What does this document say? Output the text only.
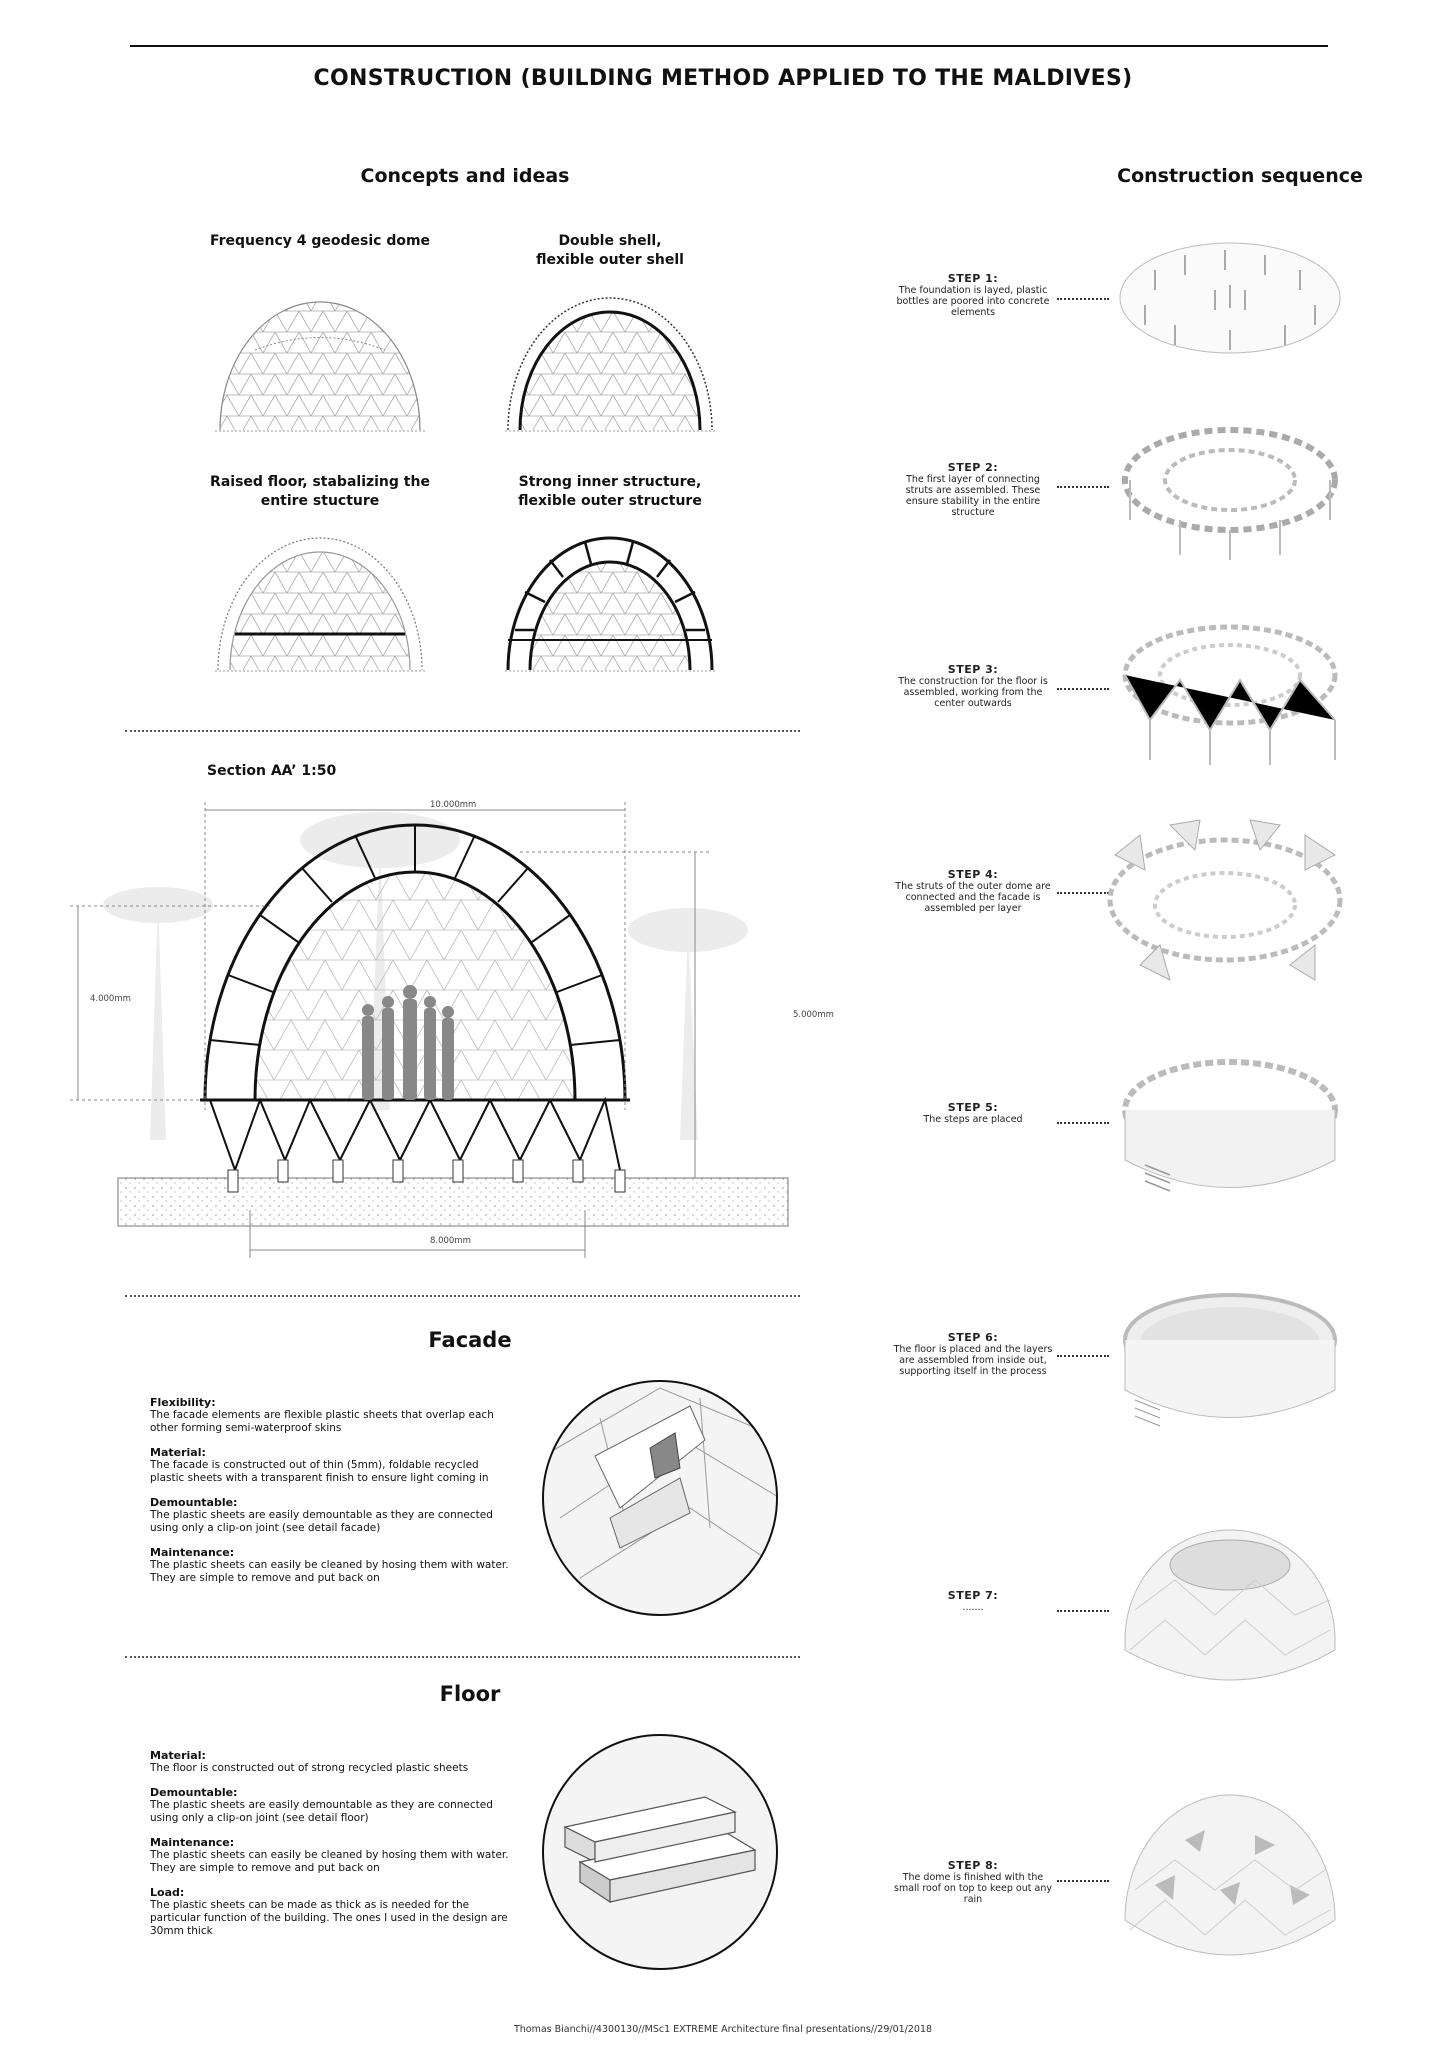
CONSTRUCTION (BUILDING METHOD APPLIED TO THE MALDIVES)
Concepts and ideas	Construction sequence
Frequency 4 geodesic dome	Double shell,
flexible outer shell
Raised floor, stabalizing the
entire stucture
Strong inner structure,
flexible outer structure
Section AA’ 1:50
10.000mm
8.000mm
4.000mm
5.000mm
Facade

Flexibility:
The facade elements are flexible plastic sheets that overlap each other forming semi-waterproof skins

Material:
The facade is constructed out of thin (5mm), foldable recycled plastic sheets with a transparent finish to ensure light coming in

Demountable:
The plastic sheets are easily demountable as they are connected using only a clip-on joint (see detail facade)

Maintenance:
The plastic sheets can easily be cleaned by hosing them with water. They are simple to remove and put back on

Floor

Material:
The floor is constructed out of strong recycled plastic sheets

Demountable:
The plastic sheets are easily demountable as they are connected using only a clip-on joint (see detail floor)

Maintenance:
The plastic sheets can easily be cleaned by hosing them with water. They are simple to remove and put back on

Load:
The plastic sheets can be made as thick as is needed for the particular function of the building. The ones I used in the design are 30mm thick

STEP 1:
The foundation is layed, plastic bottles are poored into concrete elements
STEP 2:
The first layer of connecting struts are assembled. These ensure stability in the entire structure
STEP 3:
The construction for the floor is assembled, working from the center outwards
STEP 4:
The struts of the outer dome are connected and the facade is assembled per layer
STEP 5:
The steps are placed
STEP 6:
The floor is placed and the layers are assembled from inside out, supporting itself in the process
STEP 7:
.......
STEP 8:
The dome is finished with the small roof on top to keep out any rain
Thomas Bianchi//4300130//MSc1 EXTREME Architecture final presentations//29/01/2018
